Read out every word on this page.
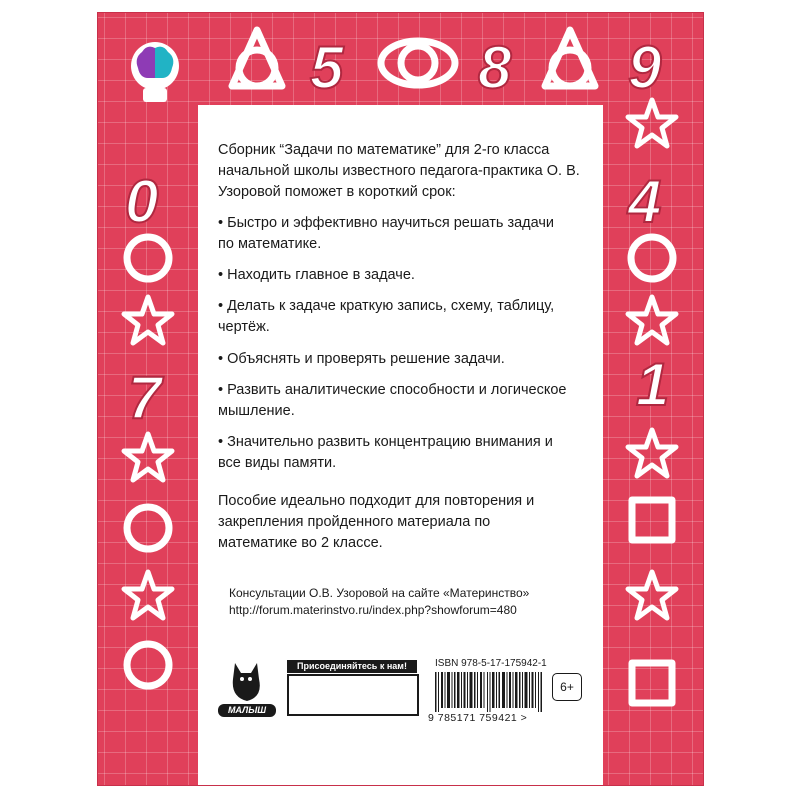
5 8 9
0
7
4
1

Сборник “Задачи по математике” для 2-го класса начальной школы известного педагога-практика О. В. Узоровой поможет в короткий срок:

• Быстро и эффективно научиться решать задачи по математике.

• Находить главное в задаче.

• Делать к задаче краткую запись, схему, таблицу, чертёж.

• Объяснять и проверять решение задачи.

• Развить аналитические способности и логическое мышление.

• Значительно развить концентрацию внимания и все виды памяти.

Пособие идеально подходит для повторения и закрепления пройденного материала по математике во 2 классе.

Консультации О.В. Узоровой на сайте «Материнство»

http://forum.materinstvo.ru/index.php?showforum=480

МАЛЫШ
Присоединяйтесь к нам!	ISBN 978-5-17-175942-1
9 785171 759421 >
6+
